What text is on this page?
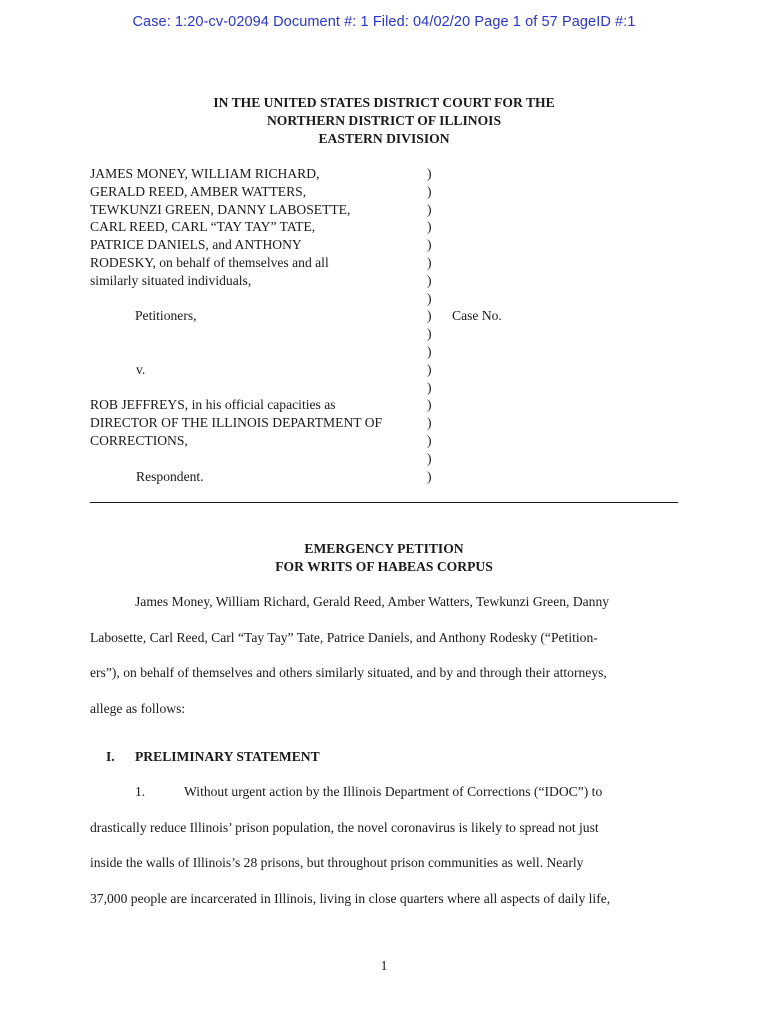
Case: 1:20-cv-02094 Document #: 1 Filed: 04/02/20 Page 1 of 57 PageID #:1
IN THE UNITED STATES DISTRICT COURT FOR THE
NORTHERN DISTRICT OF ILLINOIS
EASTERN DIVISION
JAMES MONEY, WILLIAM RICHARD,
GERALD REED, AMBER WATTERS,
TEWKUNZI GREEN, DANNY LABOSETTE,
CARL REED, CARL “TAY TAY” TATE,
PATRICE DANIELS, and ANTHONY
RODESKY, on behalf of themselves and all
similarly situated individuals,
Petitioners,
v.
ROB JEFFREYS, in his official capacities as
DIRECTOR OF THE ILLINOIS DEPARTMENT OF
CORRECTIONS,
Respondent.
)
)
)
)
)
)
)
)
)
)
)
)
)
)
)
)
)
)
Case No.
EMERGENCY PETITION
FOR WRITS OF HABEAS CORPUS
James Money, William Richard, Gerald Reed, Amber Watters, Tewkunzi Green, Danny
Labosette, Carl Reed, Carl “Tay Tay” Tate, Patrice Daniels, and Anthony Rodesky (“Petition-
ers”), on behalf of themselves and others similarly situated, and by and through their attorneys,
allege as follows:
I. PRELIMINARY STATEMENT
1.	Without urgent action by the Illinois Department of Corrections (“IDOC”) to
drastically reduce Illinois’ prison population, the novel coronavirus is likely to spread not just
inside the walls of Illinois’s 28 prisons, but throughout prison communities as well. Nearly
37,000 people are incarcerated in Illinois, living in close quarters where all aspects of daily life,
1
